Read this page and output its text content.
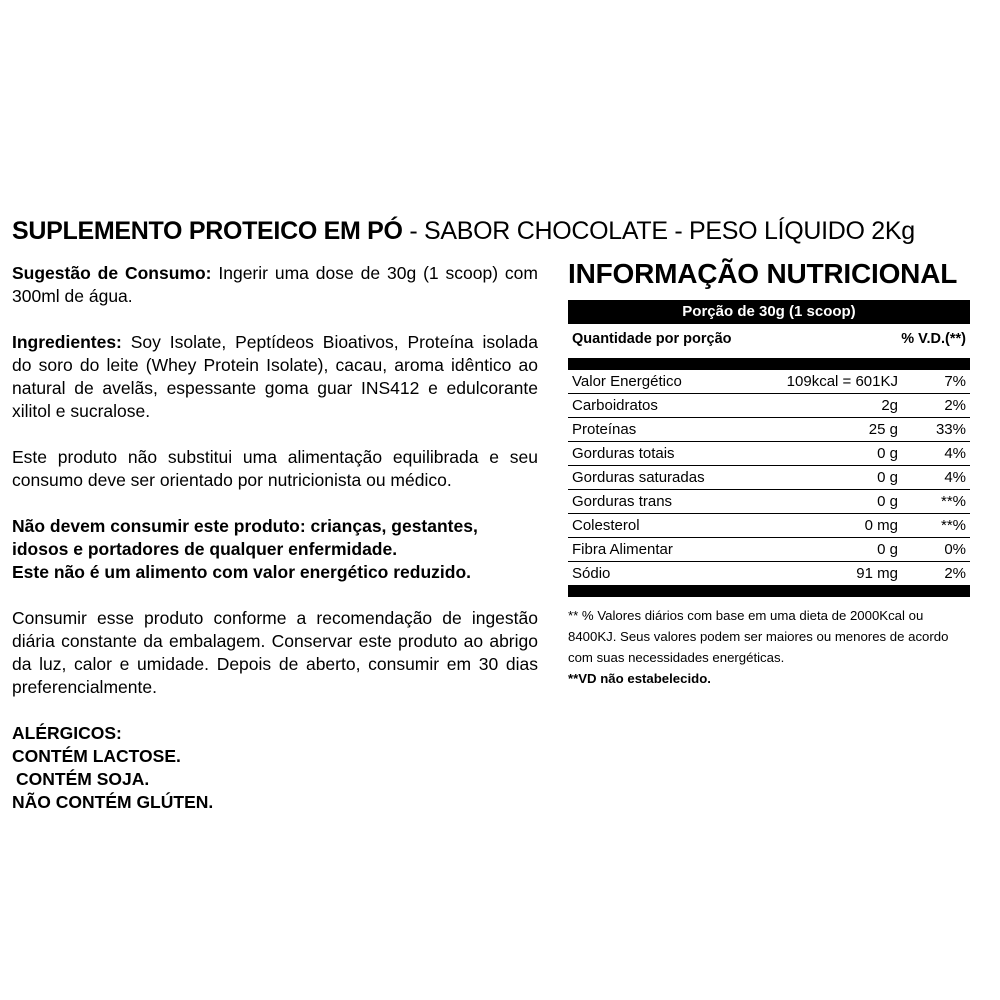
SUPLEMENTO PROTEICO EM PÓ - SABOR CHOCOLATE - PESO LÍQUIDO 2Kg

Sugestão de Consumo: Ingerir uma dose de 30g (1 scoop) com 300ml de água.

Ingredientes: Soy Isolate, Peptídeos Bioativos, Proteína isolada do soro do leite (Whey Protein Isolate), cacau, aroma idêntico ao natural de avelãs, espessante goma guar INS412 e edulcorante xilitol e sucralose.

Este produto não substitui uma alimentação equilibrada e seu consumo deve ser orientado por nutricionista ou médico.

Não devem consumir este produto: crianças, gestantes, idosos e portadores de qualquer enfermidade.

Este não é um alimento com valor energético reduzido.

Consumir esse produto conforme a recomendação de ingestão diária constante da embalagem. Conservar este produto ao abrigo da luz, calor e umidade. Depois de aberto, consumir em 30 dias preferencialmente.

ALÉRGICOS:

CONTÉM LACTOSE.

CONTÉM SOJA.

NÃO CONTÉM GLÚTEN.

INFORMAÇÃO NUTRICIONAL
Porção de 30g (1 scoop)
Quantidade por porção	% V.D.(**)
Valor Energético	109kcal = 601KJ	7%
Carboidratos	2g	2%
Proteínas	25 g	33%
Gorduras totais	0 g	4%
Gorduras saturadas	0 g	4%
Gorduras trans	0 g	**%
Colesterol	0 mg	**%
Fibra Alimentar	0 g	0%
Sódio	91 mg	2%

** % Valores diários com base em uma dieta de 2000Kcal ou 8400KJ. Seus valores podem ser maiores ou menores de acordo com suas necessidades energéticas.

**VD não estabelecido.
